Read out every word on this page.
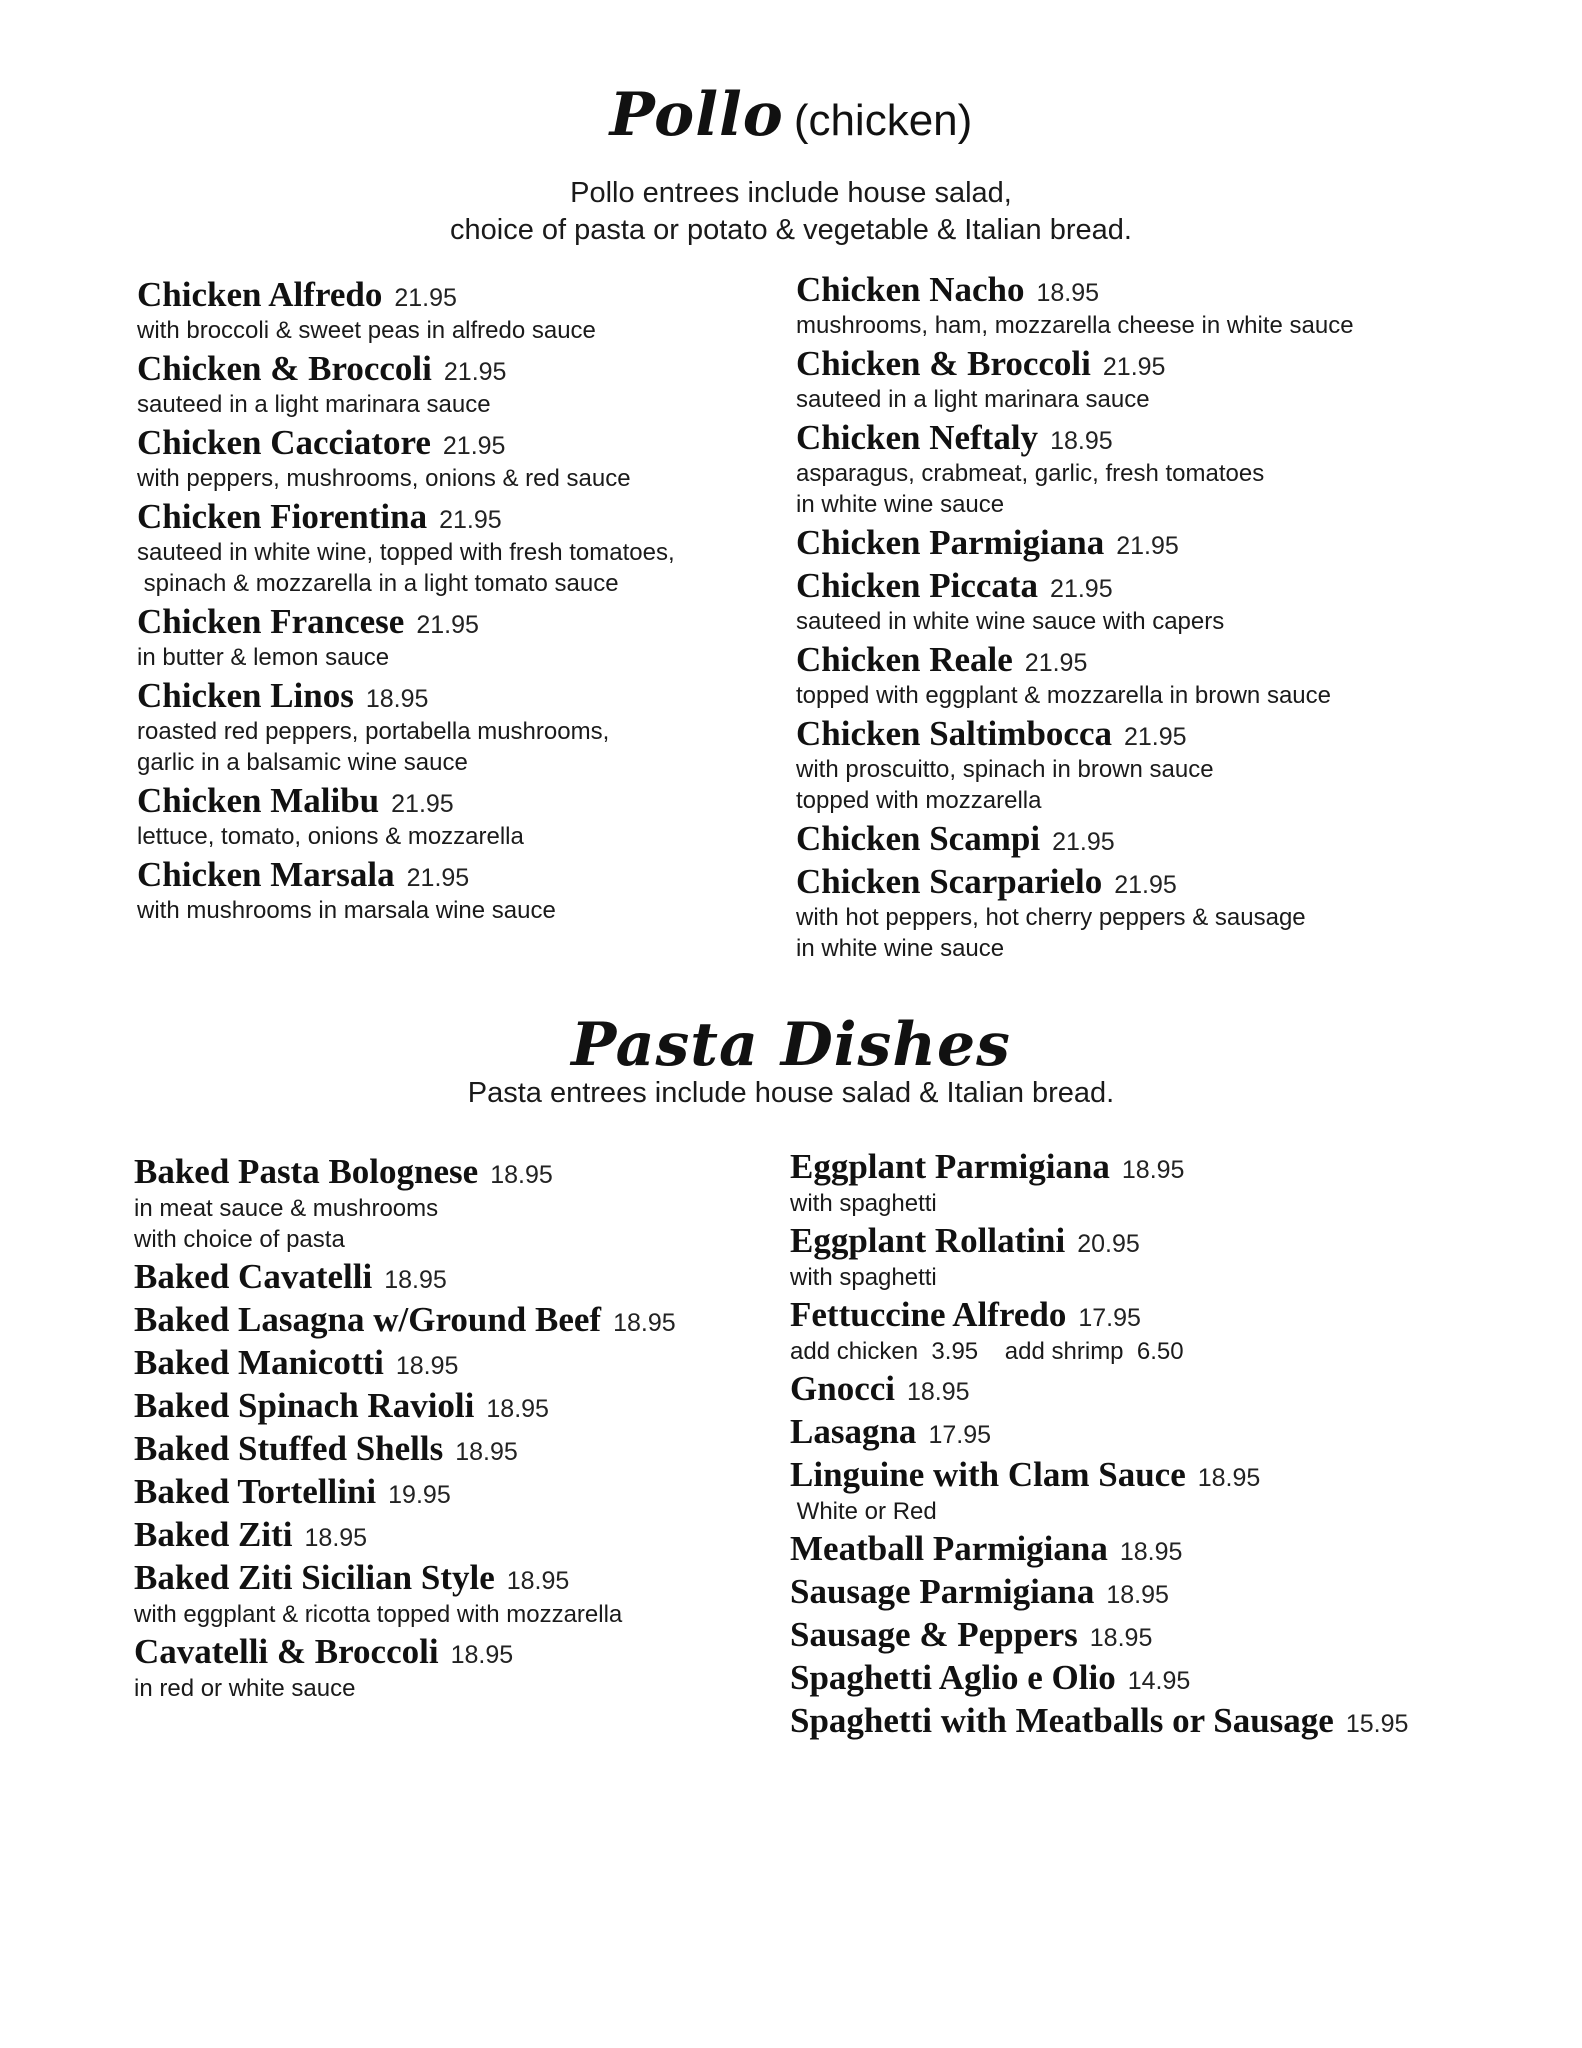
Pollo (chicken)
Pollo entrees include house salad,
choice of pasta or potato & vegetable & Italian bread.
Chicken Alfredo 21.95
with broccoli & sweet peas in alfredo sauce
Chicken & Broccoli 21.95
sauteed in a light marinara sauce
Chicken Cacciatore 21.95
with peppers, mushrooms, onions & red sauce
Chicken Fiorentina 21.95
sauteed in white wine, topped with fresh tomatoes,
spinach & mozzarella in a light tomato sauce
Chicken Francese 21.95
in butter & lemon sauce
Chicken Linos 18.95
roasted red peppers, portabella mushrooms,
garlic in a balsamic wine sauce
Chicken Malibu 21.95
lettuce, tomato, onions & mozzarella
Chicken Marsala 21.95
with mushrooms in marsala wine sauce
Chicken Nacho 18.95
mushrooms, ham, mozzarella cheese in white sauce
Chicken & Broccoli 21.95
sauteed in a light marinara sauce
Chicken Neftaly 18.95
asparagus, crabmeat, garlic, fresh tomatoes
in white wine sauce
Chicken Parmigiana 21.95
Chicken Piccata 21.95
sauteed in white wine sauce with capers
Chicken Reale 21.95
topped with eggplant & mozzarella in brown sauce
Chicken Saltimbocca 21.95
with proscuitto, spinach in brown sauce
topped with mozzarella
Chicken Scampi 21.95
Chicken Scarparielo 21.95
with hot peppers, hot cherry peppers & sausage
in white wine sauce
Pasta Dishes
Pasta entrees include house salad & Italian bread.
Baked Pasta Bolognese 18.95
in meat sauce & mushrooms
with choice of pasta
Baked Cavatelli 18.95
Baked Lasagna w/Ground Beef 18.95
Baked Manicotti 18.95
Baked Spinach Ravioli 18.95
Baked Stuffed Shells 18.95
Baked Tortellini 19.95
Baked Ziti 18.95
Baked Ziti Sicilian Style 18.95
with eggplant & ricotta topped with mozzarella
Cavatelli & Broccoli 18.95
in red or white sauce
Eggplant Parmigiana 18.95
with spaghetti
Eggplant Rollatini 20.95
with spaghetti
Fettuccine Alfredo 17.95
add chicken  3.95    add shrimp  6.50
Gnocci 18.95
Lasagna 17.95
Linguine with Clam Sauce 18.95
White or Red
Meatball Parmigiana 18.95
Sausage Parmigiana 18.95
Sausage & Peppers 18.95
Spaghetti Aglio e Olio 14.95
Spaghetti with Meatballs or Sausage 15.95
